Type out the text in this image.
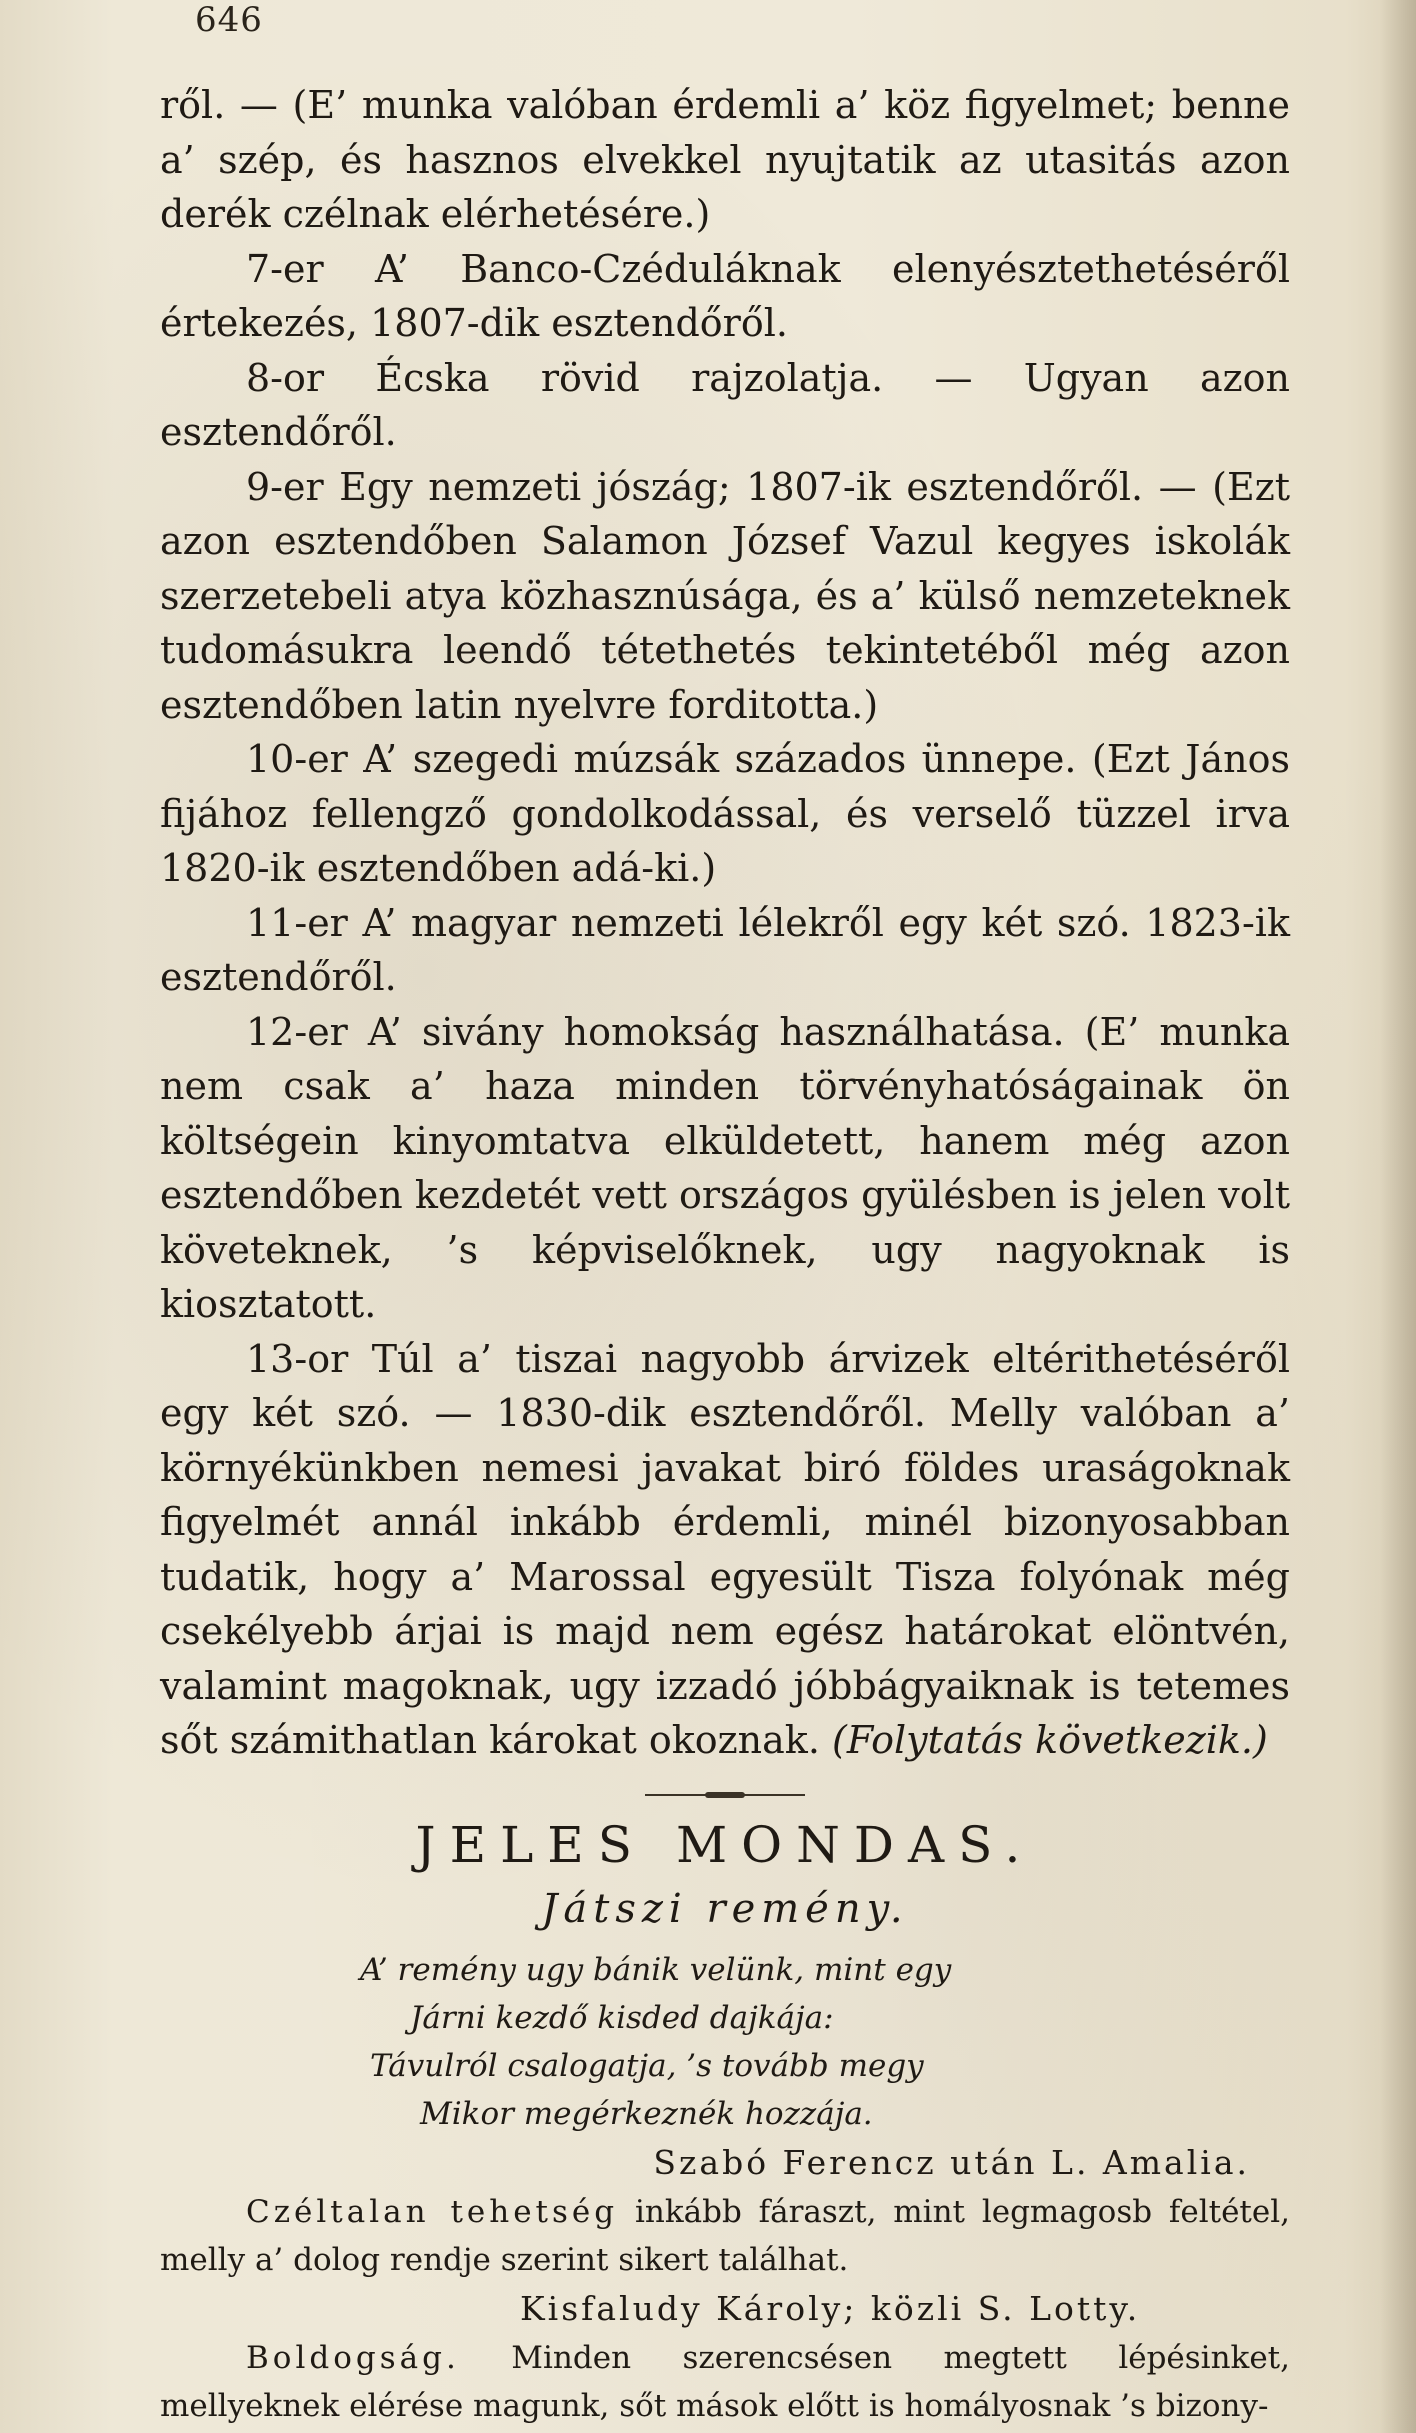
646

ről. — (E’ munka valóban érdemli a’ köz figyelmet; benne a’ szép, és hasznos elvekkel nyujtatik az utasitás azon derék czélnak elérhetésére.)

7-er A’ Banco-Czéduláknak elenyésztethetéséről értekezés, 1807-dik esztendőről.

8-or Écska rövid rajzolatja. — Ugyan azon esztendőről.

9-er Egy nemzeti jószág; 1807-ik esztendőről. — (Ezt azon esztendőben Salamon József Vazul kegyes iskolák szerzetebeli atya közhasznúsága, és a’ külső nemzeteknek tudomásukra leendő tétethetés tekintetéből még azon esztendőben latin nyelvre forditotta.)

10-er A’ szegedi múzsák százados ünnepe. (Ezt János fijához fellengző gondolkodással, és verselő tüzzel irva 1820-ik esztendőben adá-ki.)

11-er A’ magyar nemzeti lélekről egy két szó. 1823-ik esztendőről.

12-er A’ sivány homokság használhatása. (E’ munka nem csak a’ haza minden törvényhatóságainak ön költségein kinyomtatva elküldetett, hanem még azon esztendőben kezdetét vett országos gyülésben is jelen volt követeknek, ’s képviselőknek, ugy nagyoknak is kiosztatott.

13-or Túl a’ tiszai nagyobb árvizek eltérithetéséről egy két szó. — 1830-dik esztendőről. Melly valóban a’ környékünkben nemesi javakat biró földes uraságoknak figyelmét annál inkább érdemli, minél bizonyosabban tudatik, hogy a’ Marossal egyesült Tisza folyónak még csekélyebb árjai is majd nem egész határokat elöntvén, valamint magoknak, ugy izzadó jóbbágyaiknak is tetemes sőt számithatlan károkat okoznak. (Folytatás következik.)

JELES MONDAS.
Játszi remény.
A’ remény ugy bánik velünk, mint egy
Járni kezdő kisded dajkája:
Távulról csalogatja, ’s tovább megy
Mikor megérkeznék hozzája.

Szabó Ferencz után L. Amalia.

Czéltalan tehetség inkább fáraszt, mint legmagosb feltétel, melly a’ dolog rendje szerint sikert találhat.

Kisfaludy Károly; közli S. Lotty.

Boldogság. Minden szerencsésen megtett lépésinket, mellyeknek elérése magunk, sőt mások előtt is homályosnak ’s bizony-
